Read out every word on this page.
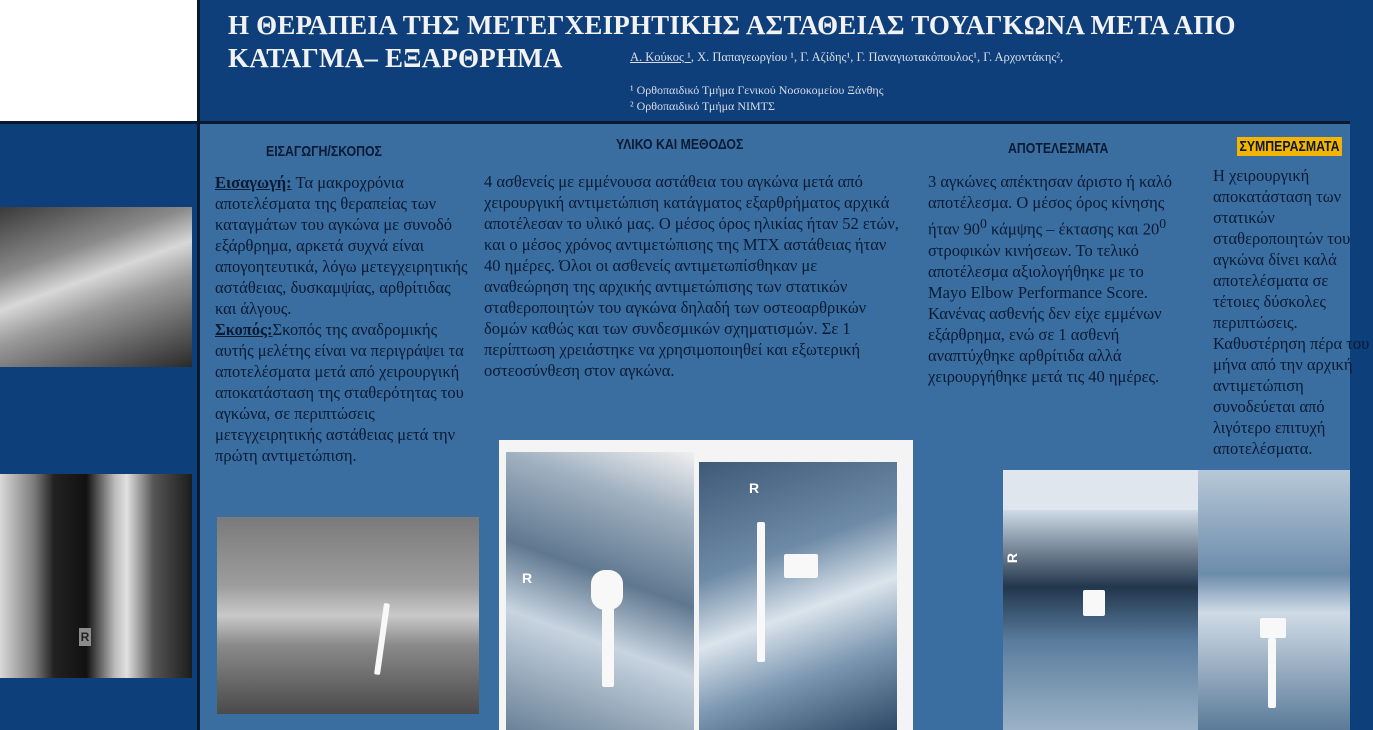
Η ΘΕΡΑΠΕΙΑ ΤΗΣ ΜΕΤΕΓΧΕΙΡΗΤΙΚΗΣ ΑΣΤΑΘΕΙΑΣ ΤΟΥΑΓΚΩΝΑ ΜΕΤΑ ΑΠΟ
ΚΑΤΑΓΜΑ– ΕΞΑΡΘΡΗΜΑ	Α. Κούκος ¹, Χ. Παπαγεωργίου ¹, Γ. Αζίδης¹, Γ. Παναγιωτακόπουλος¹, Γ. Αρχοντάκης²,
¹ Ορθοπαιδικό Τμήμα Γενικού Νοσοκομείου Ξάνθης
² Ορθοπαιδικό Τμήμα ΝΙΜΤΣ
R
ΕΙΣΑΓΩΓΗ/ΣΚΟΠΟΣ
Εισαγωγή: Τα μακροχρόνια αποτελέσματα της θεραπείας των καταγμάτων του αγκώνα με συνοδό εξάρθρημα, αρκετά συχνά είναι απογοητευτικά, λόγω μετεγχειρητικής αστάθειας, δυσκαμψίας, αρθρίτιδας και άλγους.
Σκοπός:Σκοπός της αναδρομικής αυτής μελέτης είναι να περιγράψει τα αποτελέσματα μετά από χειρουργική αποκατάσταση της σταθερότητας του αγκώνα, σε περιπτώσεις μετεγχειρητικής αστάθειας μετά την πρώτη αντιμετώπιση.
ΥΛΙΚΟ ΚΑΙ ΜΕΘΟΔΟΣ
4 ασθενείς με εμμένουσα αστάθεια του αγκώνα μετά από χειρουργική αντιμετώπιση κατάγματος εξαρθρήματος αρχικά αποτέλεσαν το υλικό μας. Ο μέσος όρος ηλικίας ήταν 52 ετών, και ο μέσος χρόνος αντιμετώπισης της ΜΤΧ αστάθειας ήταν 40 ημέρες. Όλοι οι ασθενείς αντιμετωπίσθηκαν με αναθεώρηση της αρχικής αντιμετώπισης των στατικών σταθεροποιητών του αγκώνα δηλαδή των οστεοαρθρικών δομών καθώς και των συνδεσμικών σχηματισμών. Σε 1 περίπτωση χρειάστηκε να χρησιμοποιηθεί και εξωτερική οστεοσύνθεση στον αγκώνα.
R
R
ΑΠΟΤΕΛΕΣΜΑΤΑ
3 αγκώνες απέκτησαν άριστο ή καλό αποτέλεσμα. Ο μέσος όρος κίνησης ήταν $90^0$ κάμψης – έκτασης και $20^0$ στροφικών κινήσεων. Το τελικό αποτέλεσμα αξιολογήθηκε με το Mayo Elbow Performance Score. Κανένας ασθενής δεν είχε εμμένων εξάρθρημα, ενώ σε 1 ασθενή αναπτύχθηκε αρθρίτιδα αλλά χειρουργήθηκε μετά τις 40 ημέρες.
R
ΣΥΜΠΕΡΑΣΜΑΤΑ
Η χειρουργική αποκατάσταση των στατικών σταθεροποιητών του αγκώνα δίνει καλά αποτελέσματα σε τέτοιες δύσκολες περιπτώσεις. Καθυστέρηση πέρα του μήνα από την αρχική αντιμετώπιση συνοδεύεται από λιγότερο επιτυχή αποτελέσματα.
